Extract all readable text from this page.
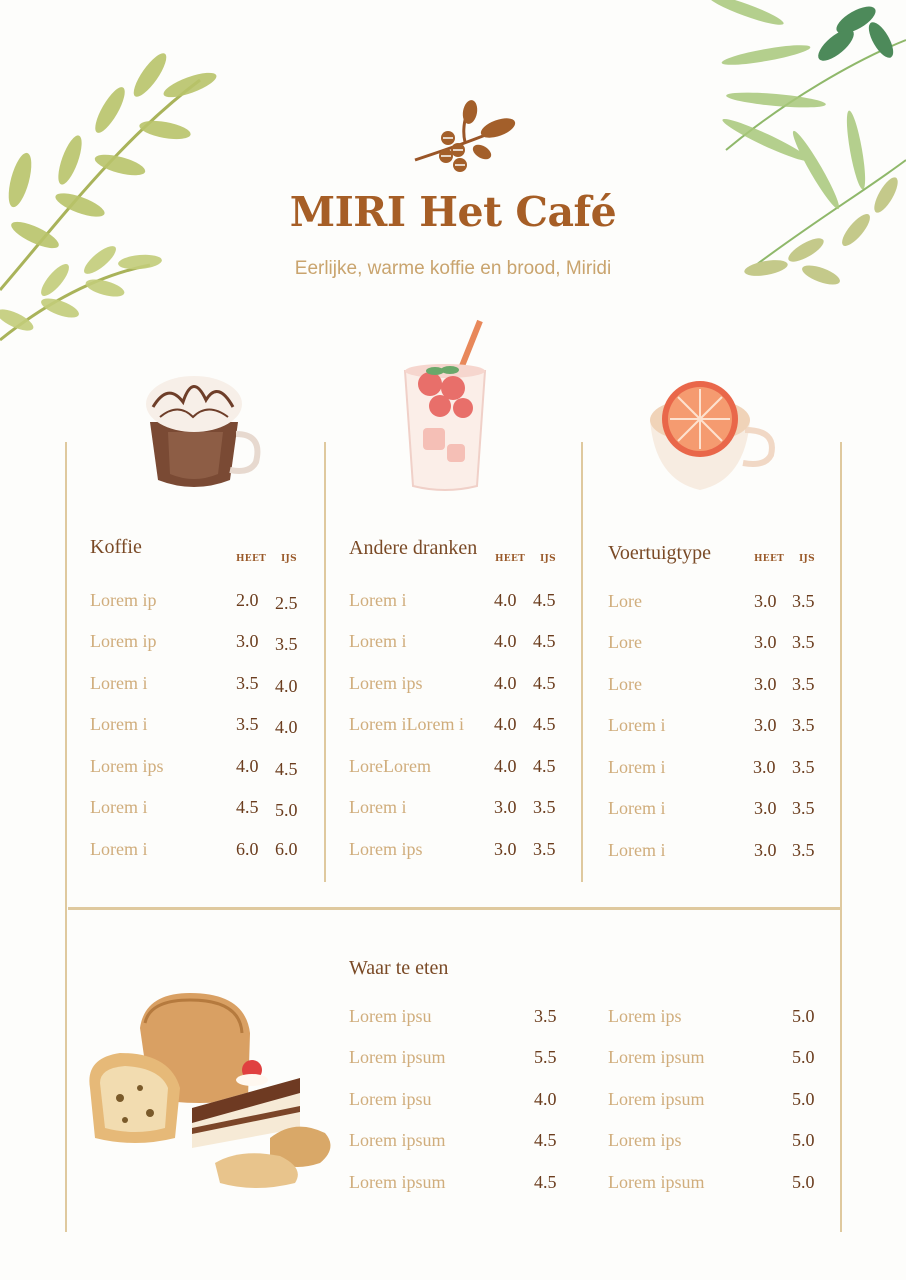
MIRI Het Café
Eerlijke, warme koffie en brood, Miridi
Koffie
HEET IJS
Lorem ip	2.0 2.5
Lorem ip	3.0 3.5
Lorem i	3.5 4.0
Lorem i	3.5 4.0
Lorem ips	4.0 4.5
Lorem i	4.5 5.0
Lorem i	6.0 6.0
Andere dranken HEET IJS
Lorem i	4.0 4.5
Lorem i	4.0 4.5
Lorem ips	4.0 4.5
Lorem iLorem i 4.0 4.5
LoreLorem	4.0 4.5
Lorem i	3.0 3.5
Lorem ips	3.0 3.5
Voertuigtype	HEET IJS
Lore	3.0 3.5
Lore	3.0 3.5
Lore	3.0 3.5
Lorem i	3.0 3.5
Lorem i	3.0 3.5
Lorem i	3.0 3.5
Lorem i	3.0 3.5
Waar te eten
Lorem ipsu	3.5
Lorem ipsum	5.5
Lorem ipsu	4.0
Lorem ipsum	4.5
Lorem ipsum	4.5
Lorem ips	5.0
Lorem ipsum	5.0
Lorem ipsum	5.0
Lorem ips	5.0
Lorem ipsum	5.0
